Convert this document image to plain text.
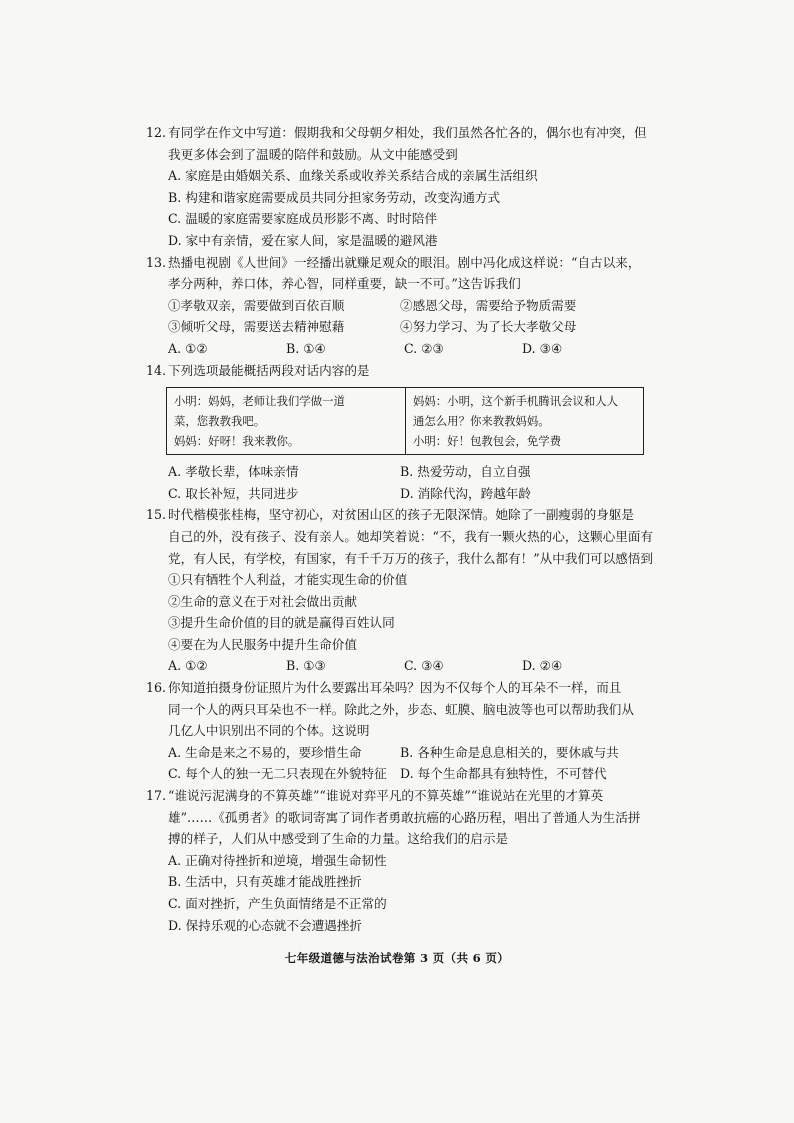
12. 有同学在作文中写道：假期我和父母朝夕相处，我们虽然各忙各的，偶尔也有冲突，但
我更多体会到了温暖的陪伴和鼓励。从文中能感受到
A. 家庭是由婚姻关系、血缘关系或收养关系结合成的亲属生活组织
B. 构建和谐家庭需要成员共同分担家务劳动，改变沟通方式
C. 温暖的家庭需要家庭成员形影不离、时时陪伴
D. 家中有亲情，爱在家人间，家是温暖的避风港
13. 热播电视剧《人世间》一经播出就赚足观众的眼泪。剧中冯化成这样说：“自古以来，
孝分两种，养口体，养心智，同样重要，缺一不可。”这告诉我们
①孝敬双亲，需要做到百依百顺	②感恩父母，需要给予物质需要
③倾听父母，需要送去精神慰藉	④努力学习、为了长大孝敬父母
A. ①②	B. ①④	C. ②③	D. ③④
14. 下列选项最能概括两段对话内容的是
小明：妈妈，老师让我们学做一道
菜，您教教我吧。
妈妈：好呀！我来教你。
妈妈：小明，这个新手机腾讯会议和人人
通怎么用？你来教教妈妈。
小明：好！包教包会，免学费
A. 孝敬长辈，体味亲情	B. 热爱劳动，自立自强
C. 取长补短，共同进步	D. 消除代沟，跨越年龄
15. 时代楷模张桂梅，坚守初心，对贫困山区的孩子无限深情。她除了一副瘦弱的身躯是
自己的外，没有孩子、没有亲人。她却笑着说：“不，我有一颗火热的心，这颗心里面有
党，有人民，有学校，有国家，有千千万万的孩子，我什么都有！”从中我们可以感悟到
①只有牺牲个人利益，才能实现生命的价值
②生命的意义在于对社会做出贡献
③提升生命价值的目的就是赢得百姓认同
④要在为人民服务中提升生命价值
A. ①②	B. ①③	C. ③④	D. ②④
16. 你知道拍摄身份证照片为什么要露出耳朵吗？因为不仅每个人的耳朵不一样，而且
同一个人的两只耳朵也不一样。除此之外，步态、虹膜、脑电波等也可以帮助我们从
几亿人中识别出不同的个体。这说明
A. 生命是来之不易的，要珍惜生命	B. 各种生命是息息相关的，要休戚与共
C. 每个人的独一无二只表现在外貌特征	D. 每个生命都具有独特性，不可替代
17. “谁说污泥满身的不算英雄”“谁说对弈平凡的不算英雄”“谁说站在光里的才算英
雄”……《孤勇者》的歌词寄寓了词作者勇敢抗癌的心路历程，唱出了普通人为生活拼
搏的样子，人们从中感受到了生命的力量。这给我们的启示是
A. 正确对待挫折和逆境，增强生命韧性
B. 生活中，只有英雄才能战胜挫折
C. 面对挫折，产生负面情绪是不正常的
D. 保持乐观的心态就不会遭遇挫折
七年级道德与法治试卷第 3 页（共 6 页）
